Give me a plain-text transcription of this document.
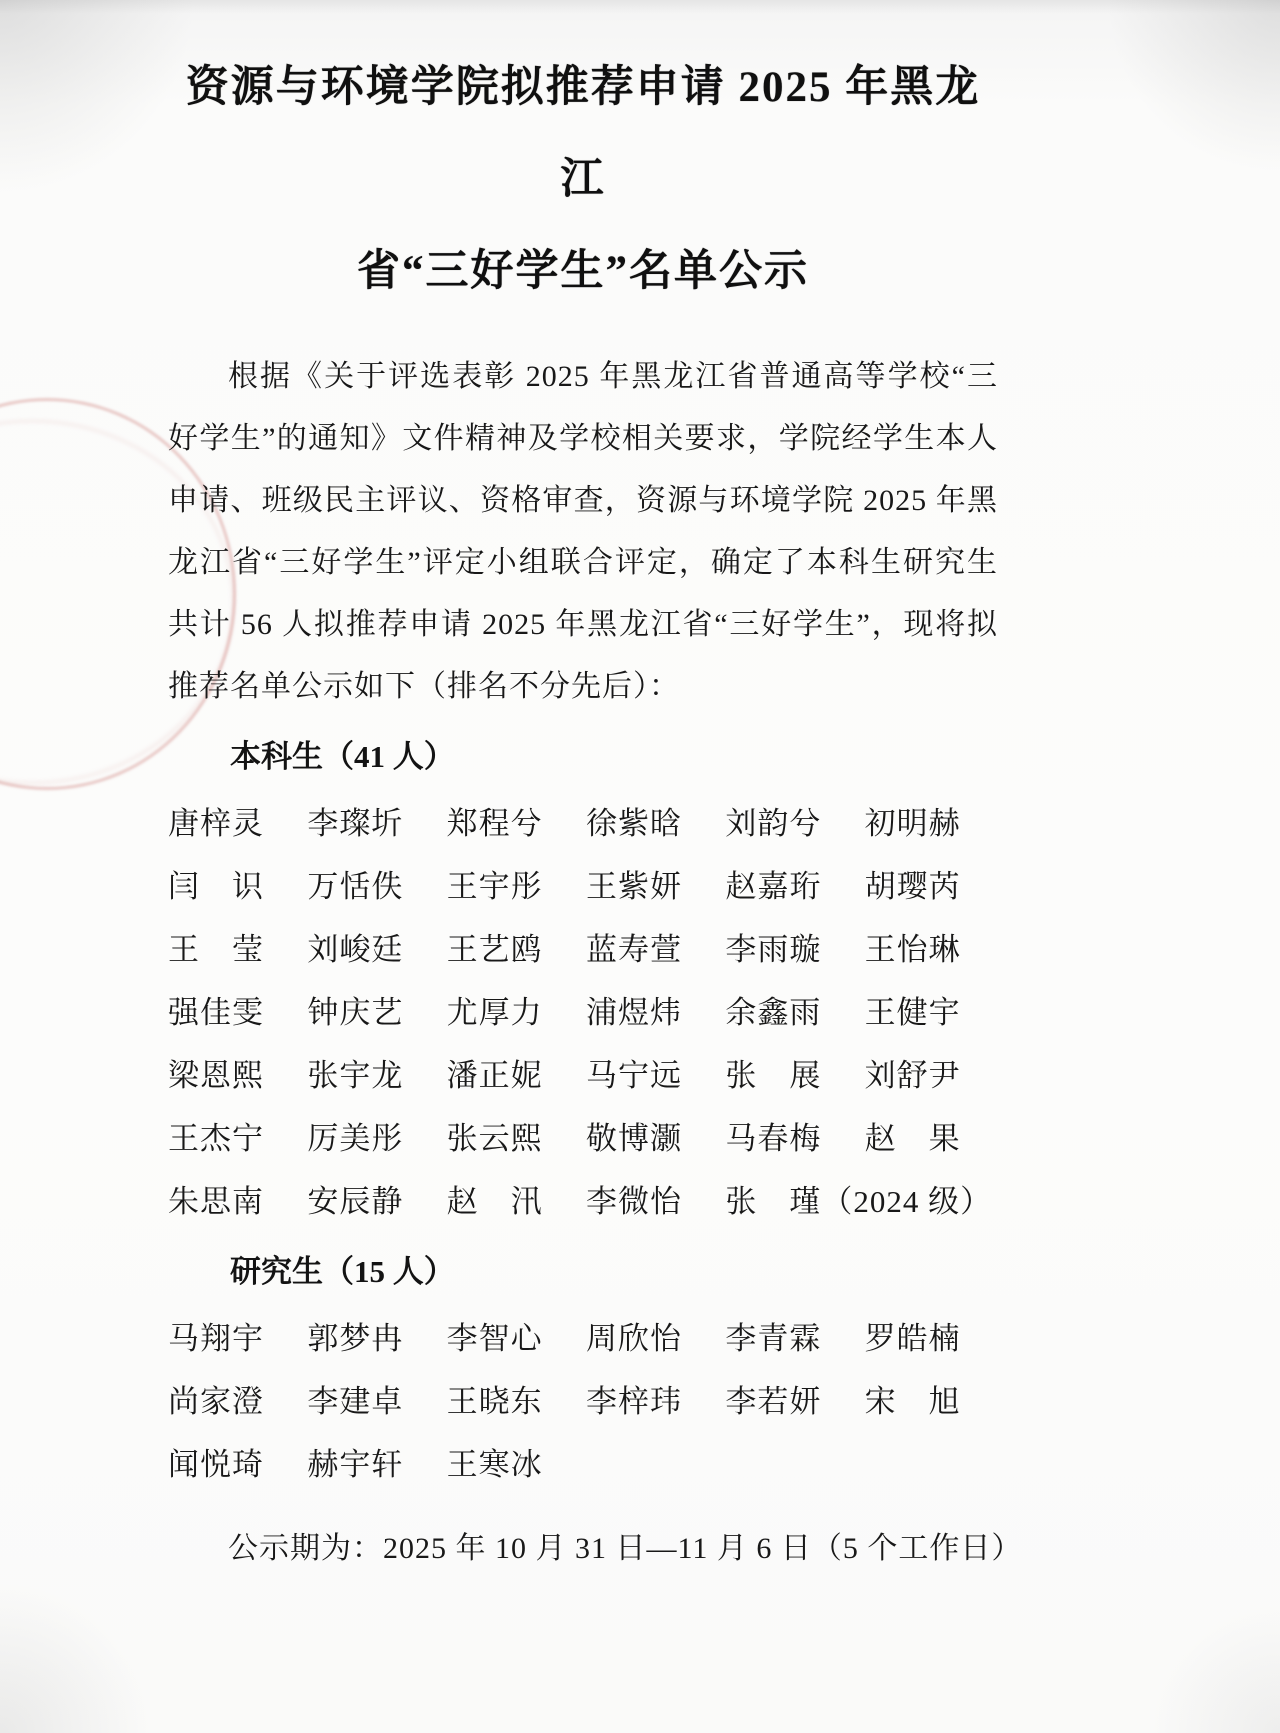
资源与环境学院拟推荐申请 2025 年黑龙江
省“三好学生”名单公示
根据《关于评选表彰 2025 年黑龙江省普通高等学校“三好学生”的通知》文件精神及学校相关要求，学院经学生本人申请、班级民主评议、资格审查，资源与环境学院 2025 年黑龙江省“三好学生”评定小组联合评定，确定了本科生研究生共计 56 人拟推荐申请 2025 年黑龙江省“三好学生”，现将拟推荐名单公示如下（排名不分先后）：
本科生（41 人）
唐梓灵	李璨圻	郑程兮	徐紫晗	刘韵兮	初明赫
闫　识	万恬佚	王宇彤	王紫妍	赵嘉珩	胡璎芮
王　莹	刘峻廷	王艺鸥	蓝寿萱	李雨璇	王怡琳
强佳雯	钟庆艺	尤厚力	浦煜炜	余鑫雨	王健宇
梁恩熙	张宇龙	潘正妮	马宁远	张　展	刘舒尹
王杰宁	厉美彤	张云熙	敬博灏	马春梅	赵　果
朱思南	安辰静	赵　汛	李微怡	张　瑾（2024 级）
研究生（15 人）
马翔宇	郭梦冉	李智心	周欣怡	李青霖	罗皓楠
尚家澄	李建卓	王晓东	李梓玮	李若妍	宋　旭
闻悦琦	赫宇轩	王寒冰
公示期为：2025 年 10 月 31 日—11 月 6 日（5 个工作日）
